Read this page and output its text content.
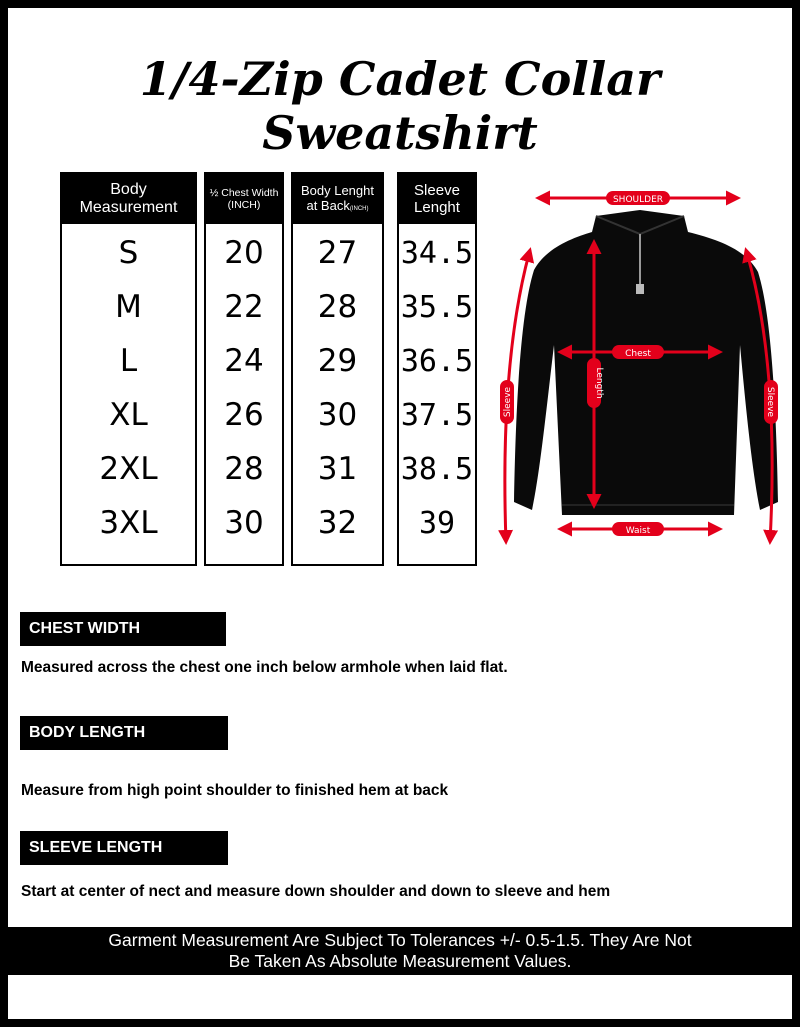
1/4-Zip Cadet Collar Sweatshirt
Body
Measurement
S
M
L
XL
2XL
3XL
½ Chest Width
(INCH)
20
22
24
26
28
30
Body Lenght
at Back(INCH)
27
28
29
30
31
32
Sleeve
Lenght
34.5
35.5
36.5
37.5
38.5
39
SHOULDER
Chest
Waist
Length
Sleeve	Sleeve
CHEST WIDTH
Measured across the chest one inch below armhole when laid flat.
BODY LENGTH
Measure from high point shoulder to finished hem at back
SLEEVE LENGTH
Start at center of nect and measure down shoulder and down to sleeve and hem
Garment Measurement Are Subject To Tolerances +/- 0.5-1.5. They Are Not
Be Taken As Absolute Measurement Values.
